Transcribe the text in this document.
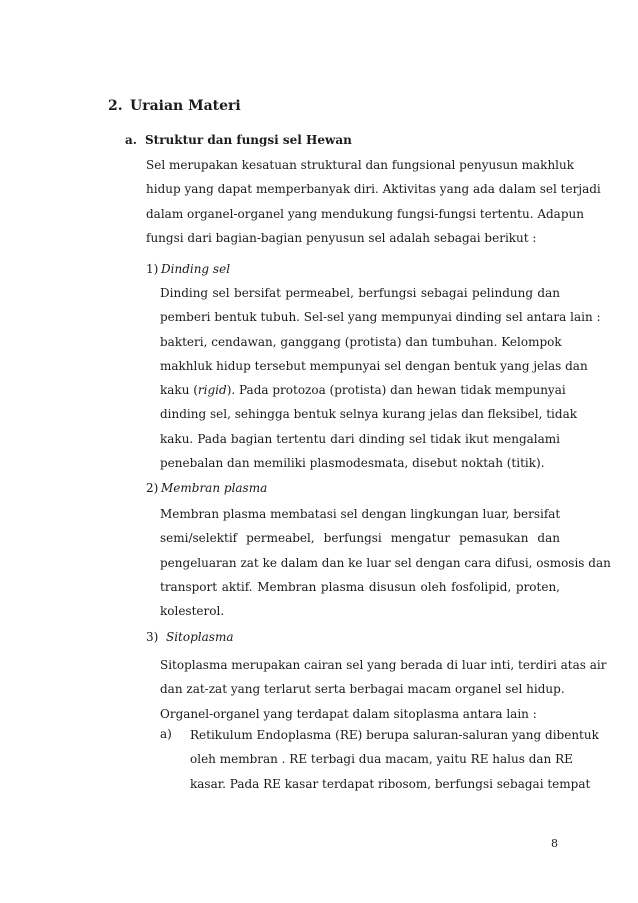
2. Uraian Materi
a. Struktur dan fungsi sel Hewan
Sel merupakan kesatuan struktural dan fungsional penyusun makhluk
hidup yang dapat memperbanyak diri. Aktivitas yang ada dalam sel terjadi
dalam organel-organel yang mendukung fungsi-fungsi tertentu. Adapun
fungsi dari bagian-bagian penyusun sel adalah sebagai berikut :
1) Dinding sel
Dinding sel bersifat permeabel, berfungsi sebagai pelindung dan
pemberi bentuk tubuh. Sel-sel yang mempunyai dinding sel antara lain :
bakteri, cendawan, ganggang (protista) dan tumbuhan. Kelompok
makhluk hidup tersebut mempunyai sel dengan bentuk yang jelas dan
kaku (rigid). Pada protozoa (protista) dan hewan tidak mempunyai
dinding sel, sehingga bentuk selnya kurang jelas dan fleksibel, tidak
kaku. Pada bagian tertentu dari dinding sel tidak ikut mengalami
penebalan dan memiliki plasmodesmata, disebut noktah (titik).
2) Membran plasma
Membran plasma membatasi sel dengan lingkungan luar, bersifat
semi/selektif permeabel, berfungsi mengatur pemasukan dan
pengeluaran zat ke dalam dan ke luar sel dengan cara difusi, osmosis dan
transport aktif. Membran plasma disusun oleh fosfolipid, proten,
kolesterol.
3) Sitoplasma
Sitoplasma merupakan cairan sel yang berada di luar inti, terdiri atas air
dan zat-zat yang terlarut serta berbagai macam organel sel hidup.
Organel-organel yang terdapat dalam sitoplasma antara lain :
a) Retikulum Endoplasma (RE) berupa saluran-saluran yang dibentuk
oleh membran . RE terbagi dua macam, yaitu RE halus dan RE
kasar. Pada RE kasar terdapat ribosom, berfungsi sebagai tempat
8
